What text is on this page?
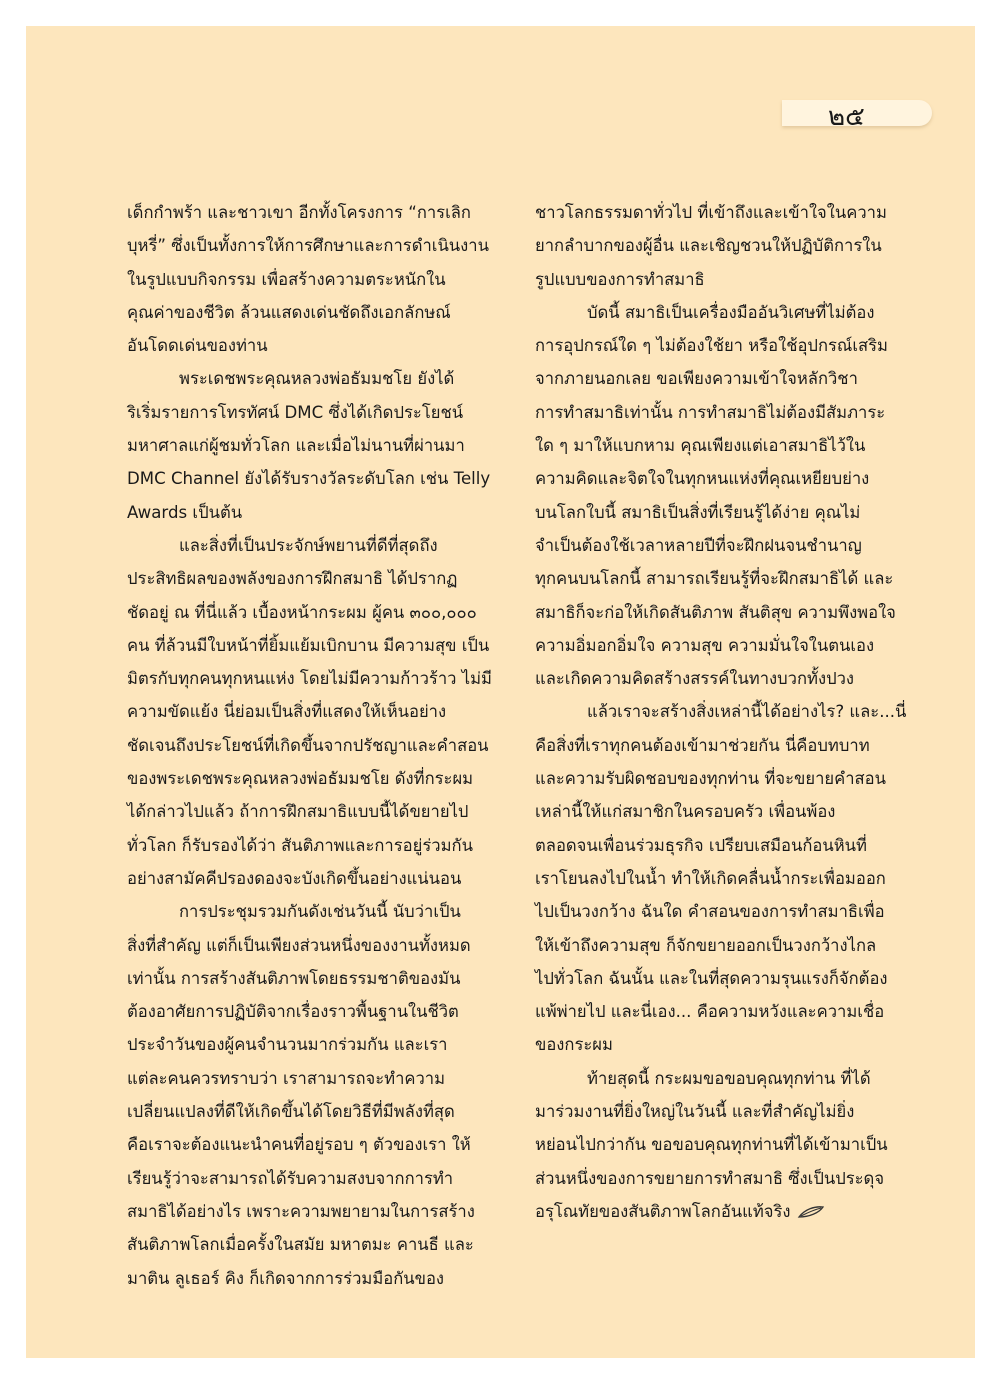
๒๕
เด็กกำพร้า และชาวเขา อีกทั้งโครงการ “การเลิก
บุหรี่” ซึ่งเป็นทั้งการให้การศึกษาและการดำเนินงาน
ในรูปแบบกิจกรรม เพื่อสร้างความตระหนักใน
คุณค่าของชีวิต ล้วนแสดงเด่นชัดถึงเอกลักษณ์
อันโดดเด่นของท่าน
พระเดชพระคุณหลวงพ่อธัมมชโย ยังได้
ริเริ่มรายการโทรทัศน์ DMC ซึ่งได้เกิดประโยชน์
มหาศาลแก่ผู้ชมทั่วโลก และเมื่อไม่นานที่ผ่านมา
DMC Channel ยังได้รับรางวัลระดับโลก เช่น Telly
Awards เป็นต้น
และสิ่งที่เป็นประจักษ์พยานที่ดีที่สุดถึง
ประสิทธิผลของพลังของการฝึกสมาธิ ได้ปรากฏ
ชัดอยู่ ณ ที่นี่แล้ว เบื้องหน้ากระผม ผู้คน ๓๐๐,๐๐๐
คน ที่ล้วนมีใบหน้าที่ยิ้มแย้มเบิกบาน มีความสุข เป็น
มิตรกับทุกคนทุกหนแห่ง โดยไม่มีความก้าวร้าว ไม่มี
ความขัดแย้ง นี่ย่อมเป็นสิ่งที่แสดงให้เห็นอย่าง
ชัดเจนถึงประโยชน์ที่เกิดขึ้นจากปรัชญาและคำสอน
ของพระเดชพระคุณหลวงพ่อธัมมชโย ดังที่กระผม
ได้กล่าวไปแล้ว ถ้าการฝึกสมาธิแบบนี้ได้ขยายไป
ทั่วโลก ก็รับรองได้ว่า สันติภาพและการอยู่ร่วมกัน
อย่างสามัคคีปรองดองจะบังเกิดขึ้นอย่างแน่นอน
การประชุมรวมกันดังเช่นวันนี้ นับว่าเป็น
สิ่งที่สำคัญ แต่ก็เป็นเพียงส่วนหนึ่งของงานทั้งหมด
เท่านั้น การสร้างสันติภาพโดยธรรมชาติของมัน
ต้องอาศัยการปฏิบัติจากเรื่องราวพื้นฐานในชีวิต
ประจำวันของผู้คนจำนวนมากร่วมกัน และเรา
แต่ละคนควรทราบว่า เราสามารถจะทำความ
เปลี่ยนแปลงที่ดีให้เกิดขึ้นได้โดยวิธีที่มีพลังที่สุด
คือเราจะต้องแนะนำคนที่อยู่รอบ ๆ ตัวของเรา ให้
เรียนรู้ว่าจะสามารถได้รับความสงบจากการทำ
สมาธิได้อย่างไร เพราะความพยายามในการสร้าง
สันติภาพโลกเมื่อครั้งในสมัย มหาตมะ คานธี และ
มาติน ลูเธอร์ คิง ก็เกิดจากการร่วมมือกันของ
ชาวโลกธรรมดาทั่วไป ที่เข้าถึงและเข้าใจในความ
ยากลำบากของผู้อื่น และเชิญชวนให้ปฏิบัติการใน
รูปแบบของการทำสมาธิ
บัดนี้ สมาธิเป็นเครื่องมืออันวิเศษที่ไม่ต้อง
การอุปกรณ์ใด ๆ ไม่ต้องใช้ยา หรือใช้อุปกรณ์เสริม
จากภายนอกเลย ขอเพียงความเข้าใจหลักวิชา
การทำสมาธิเท่านั้น การทำสมาธิไม่ต้องมีสัมภาระ
ใด ๆ มาให้แบกหาม คุณเพียงแต่เอาสมาธิไว้ใน
ความคิดและจิตใจในทุกหนแห่งที่คุณเหยียบย่าง
บนโลกใบนี้ สมาธิเป็นสิ่งที่เรียนรู้ได้ง่าย คุณไม่
จำเป็นต้องใช้เวลาหลายปีที่จะฝึกฝนจนชำนาญ
ทุกคนบนโลกนี้ สามารถเรียนรู้ที่จะฝึกสมาธิได้ และ
สมาธิก็จะก่อให้เกิดสันติภาพ สันติสุข ความพึงพอใจ
ความอิ่มอกอิ่มใจ ความสุข ความมั่นใจในตนเอง
และเกิดความคิดสร้างสรรค์ในทางบวกทั้งปวง
แล้วเราจะสร้างสิ่งเหล่านี้ได้อย่างไร? และ...นี่
คือสิ่งที่เราทุกคนต้องเข้ามาช่วยกัน นี่คือบทบาท
และความรับผิดชอบของทุกท่าน ที่จะขยายคำสอน
เหล่านี้ให้แก่สมาชิกในครอบครัว เพื่อนพ้อง
ตลอดจนเพื่อนร่วมธุรกิจ เปรียบเสมือนก้อนหินที่
เราโยนลงไปในน้ำ ทำให้เกิดคลื่นน้ำกระเพื่อมออก
ไปเป็นวงกว้าง ฉันใด คำสอนของการทำสมาธิเพื่อ
ให้เข้าถึงความสุข ก็จักขยายออกเป็นวงกว้างไกล
ไปทั่วโลก ฉันนั้น และในที่สุดความรุนแรงก็จักต้อง
แพ้พ่ายไป และนี่เอง... คือความหวังและความเชื่อ
ของกระผม
ท้ายสุดนี้ กระผมขอขอบคุณทุกท่าน ที่ได้
มาร่วมงานที่ยิ่งใหญ่ในวันนี้ และที่สำคัญไม่ยิ่ง
หย่อนไปกว่ากัน ขอขอบคุณทุกท่านที่ได้เข้ามาเป็น
ส่วนหนึ่งของการขยายการทำสมาธิ ซึ่งเป็นประดุจ
อรุโณทัยของสันติภาพโลกอันแท้จริง
